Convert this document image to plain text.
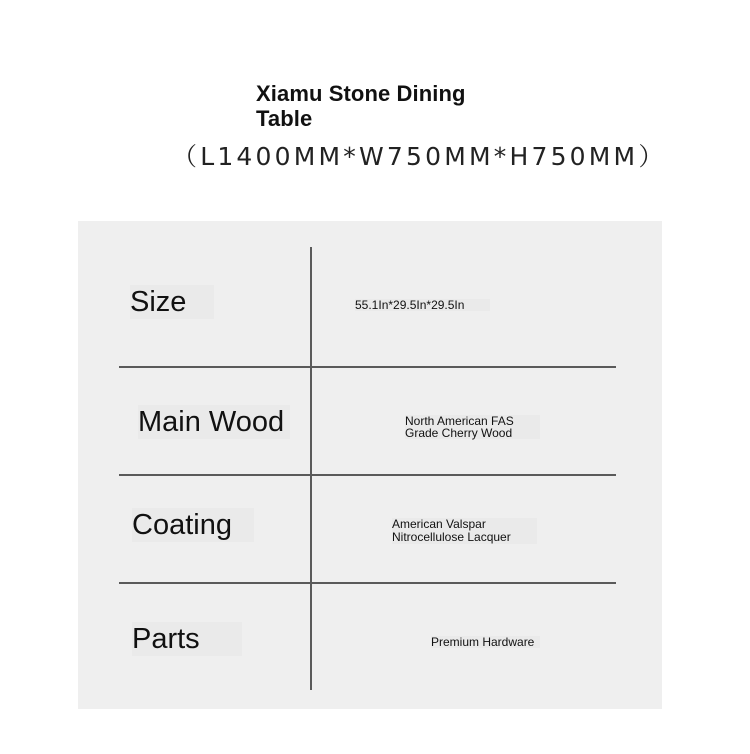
Xiamu Stone Dining Table
（L1400MM*W750MM*H750MM）
Size	55.1In*29.5In*29.5In
Main Wood	North American FAS
Grade Cherry Wood
Coating	American Valspar
Nitrocellulose Lacquer
Parts	Premium Hardware
